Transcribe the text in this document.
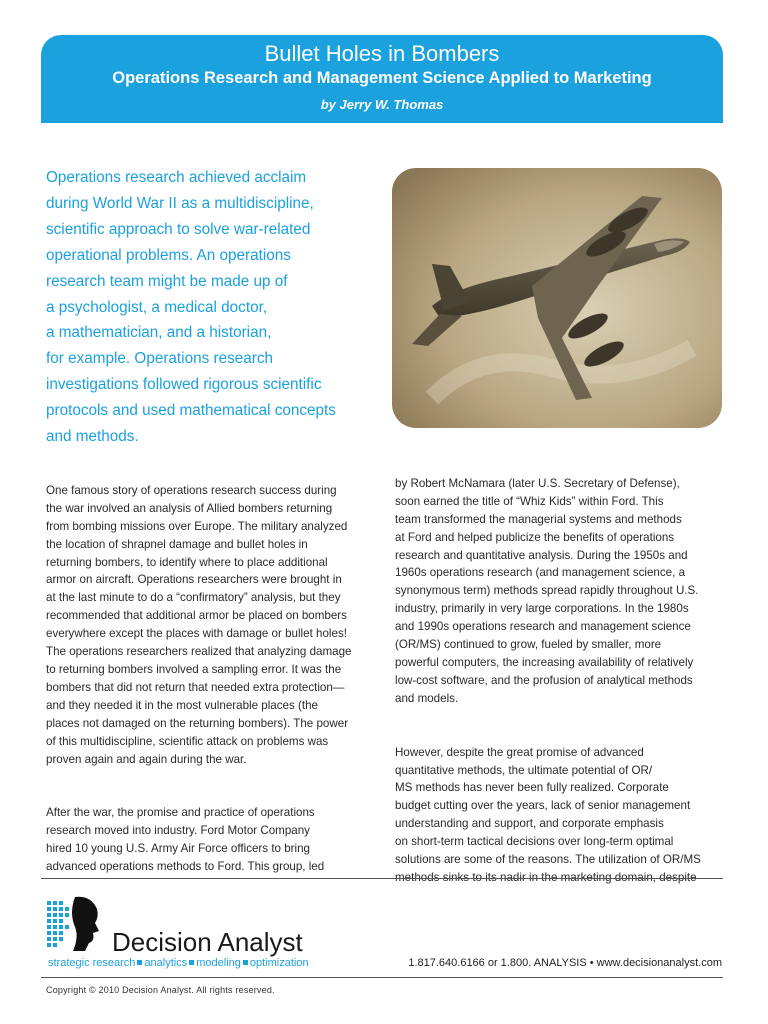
Bullet Holes in Bombers
Operations Research and Management Science Applied to Marketing
by Jerry W. Thomas
Operations research achieved acclaim
during World War II as a multidiscipline,
scientific approach to solve war-related
operational problems. An operations
research team might be made up of
a psychologist, a medical doctor,
a mathematician, and a historian,
for example. Operations research
investigations followed rigorous scientific
protocols and used mathematical concepts
and methods.

One famous story of operations research success during
the war involved an analysis of Allied bombers returning
from bombing missions over Europe. The military analyzed
the location of shrapnel damage and bullet holes in
returning bombers, to identify where to place additional
armor on aircraft. Operations researchers were brought in
at the last minute to do a “confirmatory” analysis, but they
recommended that additional armor be placed on bombers
everywhere except the places with damage or bullet holes!
The operations researchers realized that analyzing damage
to returning bombers involved a sampling error. It was the
bombers that did not return that needed extra protection—
and they needed it in the most vulnerable places (the
places not damaged on the returning bombers). The power
of this multidiscipline, scientific attack on problems was
proven again and again during the war.

After the war, the promise and practice of operations
research moved into industry. Ford Motor Company
hired 10 young U.S. Army Air Force officers to bring
advanced operations methods to Ford. This group, led

by Robert McNamara (later U.S. Secretary of Defense),
soon earned the title of “Whiz Kids” within Ford. This
team transformed the managerial systems and methods
at Ford and helped publicize the benefits of operations
research and quantitative analysis. During the 1950s and
1960s operations research (and management science, a
synonymous term) methods spread rapidly throughout U.S.
industry, primarily in very large corporations. In the 1980s
and 1990s operations research and management science
(OR/MS) continued to grow, fueled by smaller, more
powerful computers, the increasing availability of relatively
low-cost software, and the profusion of analytical methods
and models.

However, despite the great promise of advanced
quantitative methods, the ultimate potential of OR/
MS methods has never been fully realized. Corporate
budget cutting over the years, lack of senior management
understanding and support, and corporate emphasis
on short-term tactical decisions over long-term optimal
solutions are some of the reasons. The utilization of OR/MS
methods sinks to its nadir in the marketing domain, despite

Decision Analyst
strategic research analytics modeling optimization	1.817.640.6166 or 1.800. ANALYSIS • www.decisionanalyst.com
Copyright © 2010 Decision Analyst. All rights reserved.
